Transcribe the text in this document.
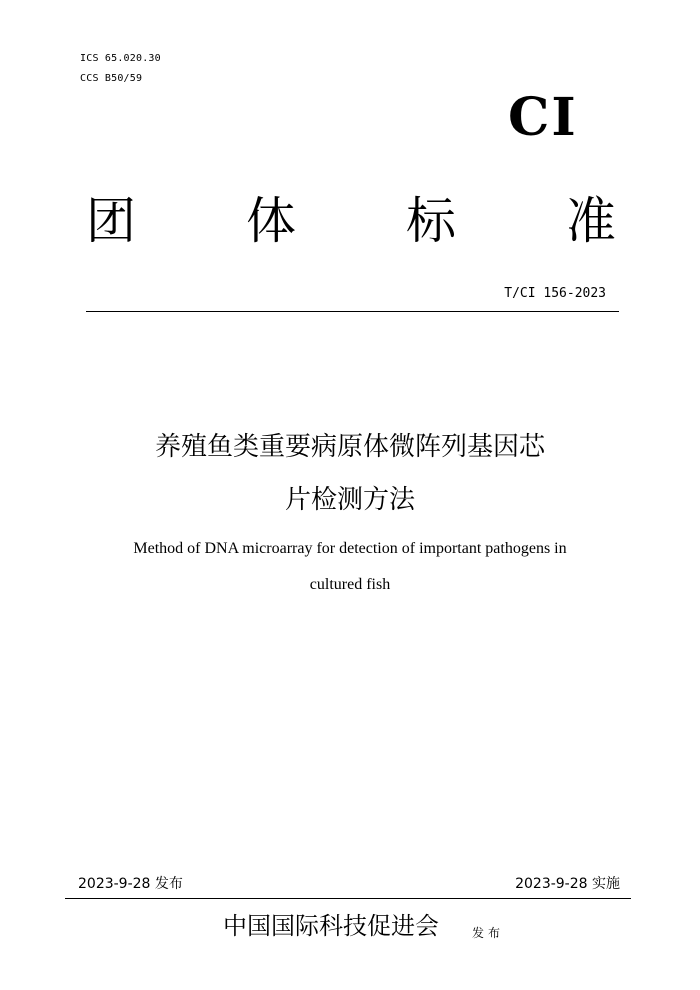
ICS 65.020.30
CCS B50/59
CI
团 体 标 准
T/CI 156-2023
养殖鱼类重要病原体微阵列基因芯
片检测方法
Method of DNA microarray for detection of important pathogens in
cultured fish
2023-9-28 发布	2023-9-28 实施
中国国际科技促进会	发布
